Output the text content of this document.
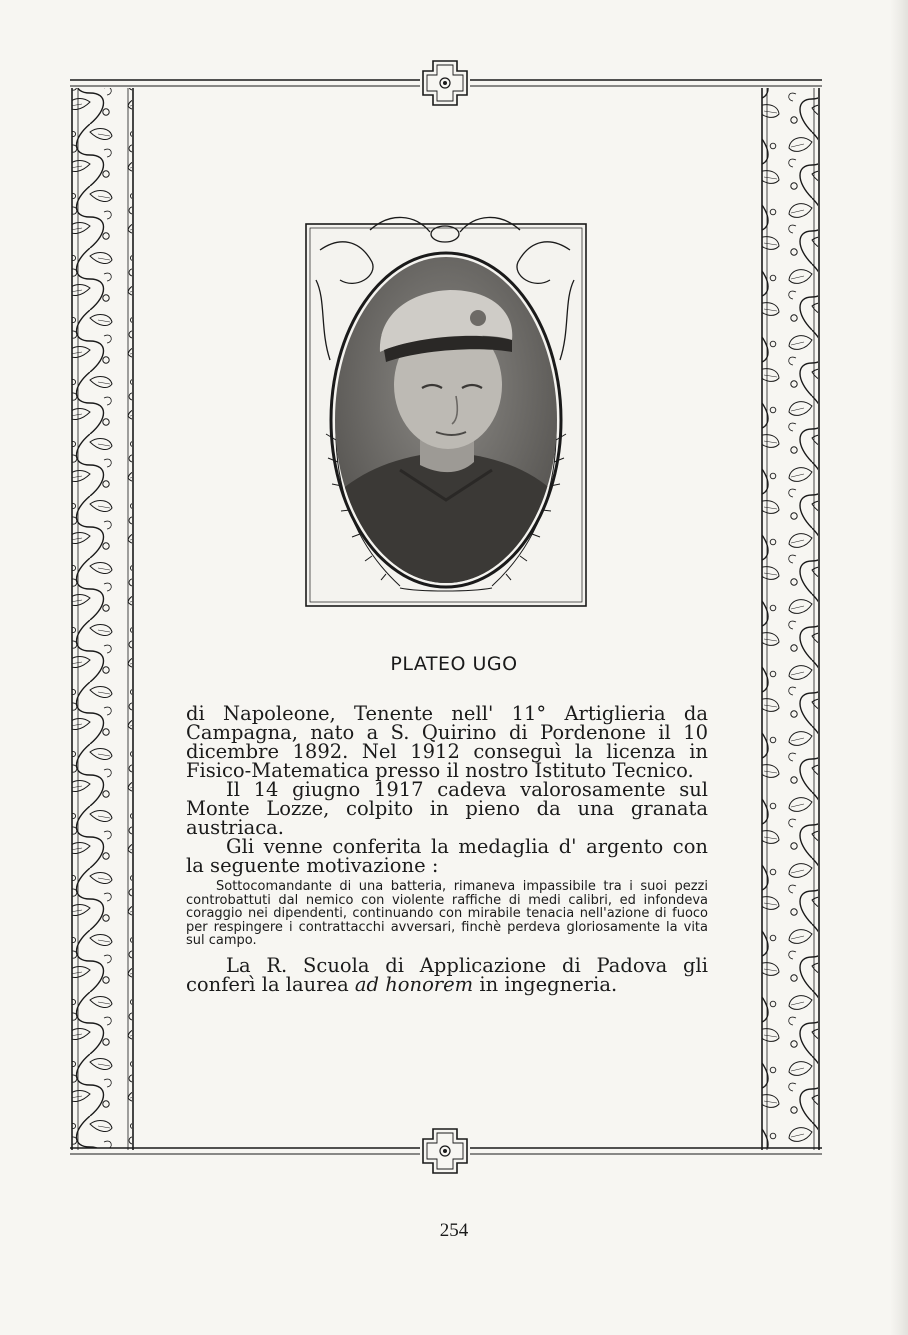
PLATEO UGO

di Napoleone, Tenente nell' 11° Artiglieria da Campagna, nato a S. Quirino di Pordenone il 10 dicembre 1892. Nel 1912 conseguì la licenza in Fisico-Matematica presso il nostro Istituto Tecnico.

Il 14 giugno 1917 cadeva valorosamente sul Monte Lozze, colpito in pieno da una granata austriaca.

Gli venne conferita la medaglia d' argento con la seguente motivazione :

Sottocomandante di una batteria, rimaneva impassibile tra i suoi pezzi controbattuti dal nemico con violente raffiche di medi calibri, ed infondeva coraggio nei dipendenti, continuando con mirabile tenacia nell'azione di fuoco per respingere i contrattacchi avversari, finchè perdeva gloriosamente la vita sul campo.

La R. Scuola di Applicazione di Padova gli conferì la laurea ad honorem in ingegneria.

254
